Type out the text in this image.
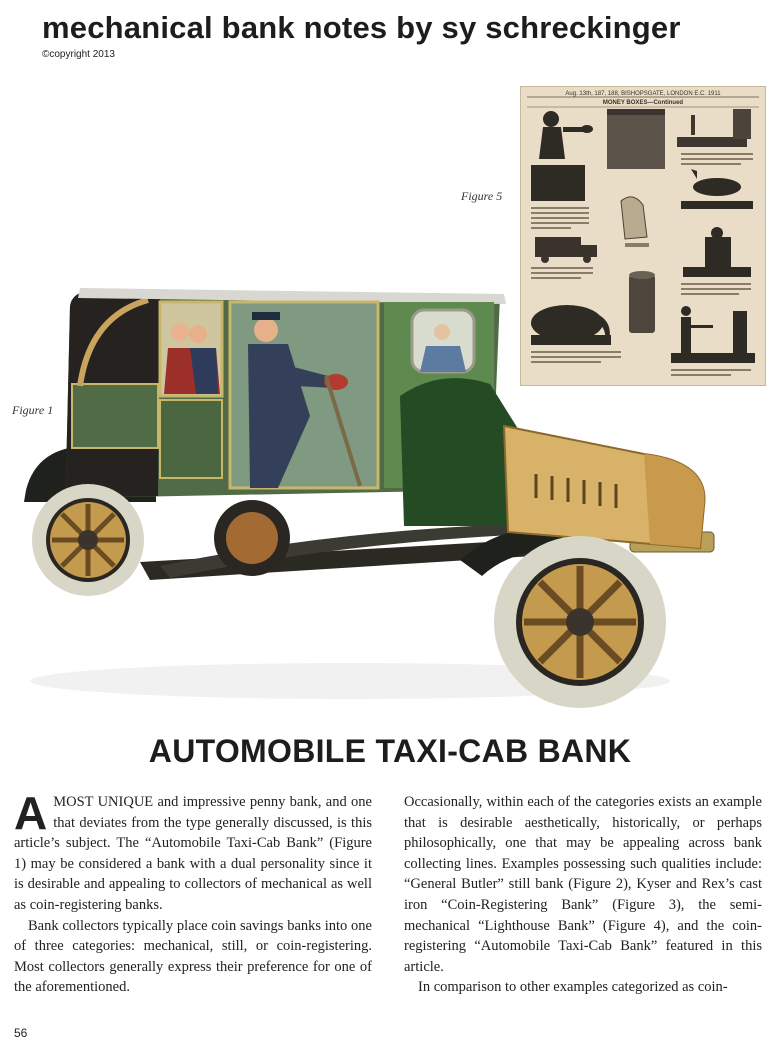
mechanical bank notes by sy schreckinger
©copyright 2013
Figure 5
Aug. 13th, 187, 188, BISHOPSGATE, LONDON E.C. 1911
MONEY BOXES—Continued
Figure 1
AUTOMOBILE TAXI-CAB BANK

AMOST UNIQUE and impressive penny bank, and one that deviates from the type generally discussed, is this article’s subject. The “Automobile Taxi-Cab Bank” (Figure 1) may be considered a bank with a dual personality since it is desirable and appealing to collectors of mechanical as well as coin-registering banks.

Bank collectors typically place coin savings banks into one of three categories: mechanical, still, or coin-registering. Most collectors generally express their preference for one of the aforementioned.

Occasionally, within each of the categories exists an example that is desirable aesthetically, historically, or perhaps philosophically, one that may be appealing across bank collecting lines. Examples possessing such qualities include: “General Butler” still bank (Figure 2), Kyser and Rex’s cast iron “Coin-Registering Bank” (Figure 3), the semi-mechanical “Lighthouse Bank” (Figure 4), and the coin-registering “Automobile Taxi-Cab Bank” featured in this article.

In comparison to other examples categorized as coin-

56
